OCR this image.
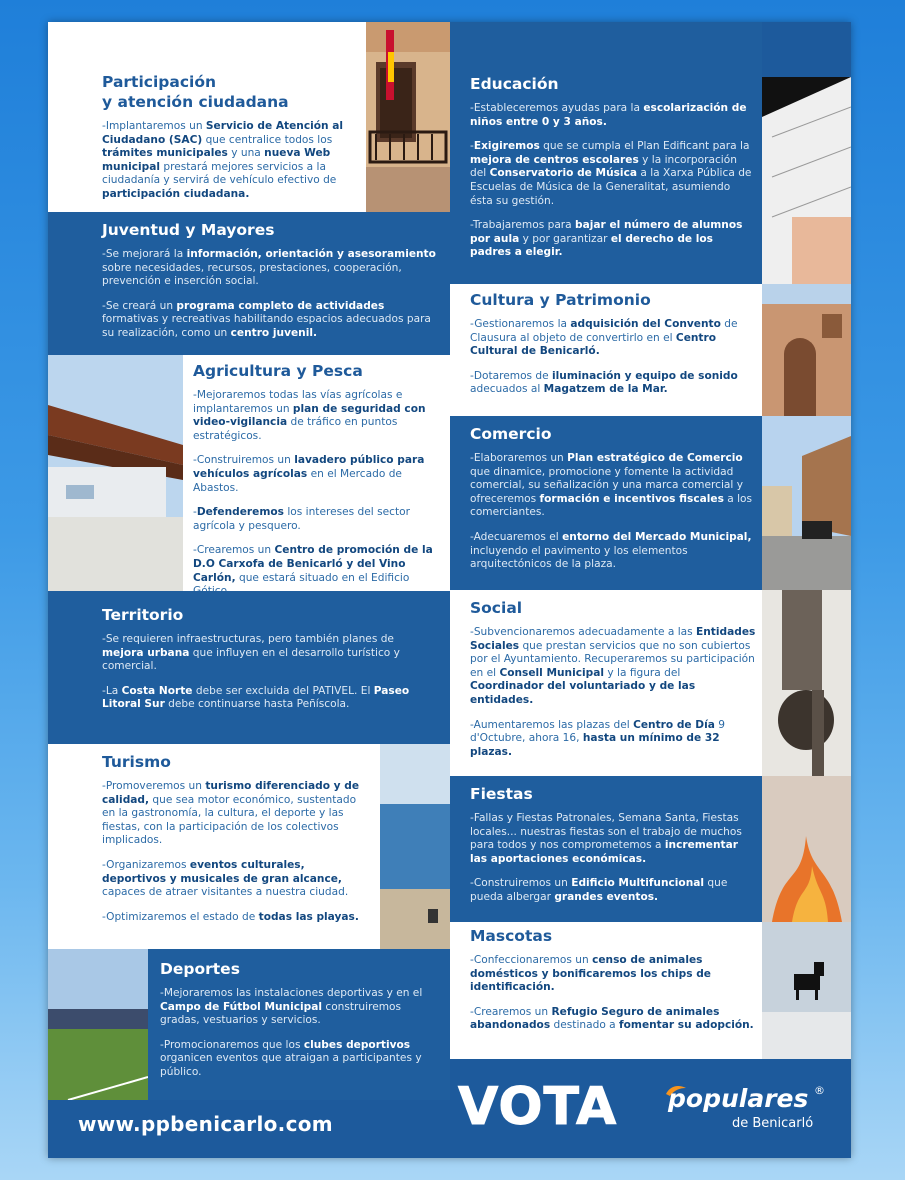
Participación
y atención ciudadana
-Implantaremos un Servicio de Atención al Ciudadano (SAC) que centralice todos los trámites municipales y una nueva Web municipal prestará mejores servicios a la ciudadanía y servirá de vehículo efectivo de participación ciudadana.
Juventud y Mayores
-Se mejorará la información, orientación y asesoramiento sobre necesidades, recursos, prestaciones, cooperación, prevención e inserción social.
-Se creará un programa completo de actividades formativas y recreativas habilitando espacios adecuados para su realización, como un centro juvenil.
Agricultura y Pesca
-Mejoraremos todas las vías agrícolas e implantaremos un plan de seguridad con video-vigilancia de tráfico en puntos estratégicos.
-Construiremos un lavadero público para vehículos agrícolas en el Mercado de Abastos.
-Defenderemos los intereses del sector agrícola y pesquero.
-Crearemos un Centro de promoción de la D.O Carxofa de Benicarló y del Vino Carlón, que estará situado en el Edificio
Territorio
-Se requieren infraestructuras, pero también planes de mejora urbana que influyen en el desarrollo turístico y comercial.
-La Costa Norte debe ser excluida del PATIVEL. El Paseo Litoral Sur debe continuarse hasta Peñíscola.
Turismo
-Promoveremos un turismo diferenciado y de calidad, que sea motor económico, sustentado en la gastronomía, la cultura, el deporte y las fiestas, con la participación de los colectivos implicados.
-Organizaremos eventos culturales, deportivos y musicales de gran alcance, capaces de atraer visitantes a nuestra ciudad.
-Optimizaremos el estado de todas las playas.
Deportes
-Mejoraremos las instalaciones deportivas y en el Campo de Fútbol Municipal construiremos gradas, vestuarios y servicios.
-Promocionaremos que los clubes deportivos organicen eventos que atraigan a participantes y público.
Educación
-Estableceremos ayudas para la escolarización de niños entre 0 y 3 años.
-Exigiremos que se cumpla el Plan Edificant para la mejora de centros escolares y la incorporación del Conservatorio de Música a la Xarxa Pública de Escuelas de Música de la Generalitat, asumiendo ésta su gestión.
-Trabajaremos para bajar el número de alumnos por aula y por garantizar el derecho de los padres a elegir.
Cultura y Patrimonio
-Gestionaremos la adquisición del Convento de Clausura al objeto de convertirlo en el Centro Cultural de Benicarló.
-Dotaremos de iluminación y equipo de sonido adecuados al Magatzem de la Mar.
Comercio
-Elaboraremos un Plan estratégico de Comercio que dinamice, promocione y fomente la actividad comercial, su señalización y una marca comercial y ofreceremos formación e incentivos fiscales a los comerciantes.
-Adecuaremos el entorno del Mercado Municipal, incluyendo el pavimento y los elementos arquitectónicos de la plaza.
Social
-Subvencionaremos adecuadamente a las Entidades Sociales que prestan servicios que no son cubiertos por el Ayuntamiento. Recuperaremos su participación en el Consell Municipal y la figura del Coordinador del voluntariado y de las entidades.
-Aumentaremos las plazas del Centro de Día 9 d'Octubre, ahora 16, hasta un mínimo de 32 plazas.
Fiestas
-Fallas y Fiestas Patronales, Semana Santa, Fiestas locales... nuestras fiestas son el trabajo de muchos para todos y nos comprometemos a incrementar las aportaciones económicas.
-Construiremos un Edificio Multifuncional que pueda albergar grandes eventos.
Mascotas
-Confeccionaremos un censo de animales domésticos y bonificaremos los chips de identificación.
-Crearemos un Refugio Seguro de animales abandonados destinado a fomentar su adopción.
www.ppbenicarlo.com VOTA populares ®
de Benicarló
